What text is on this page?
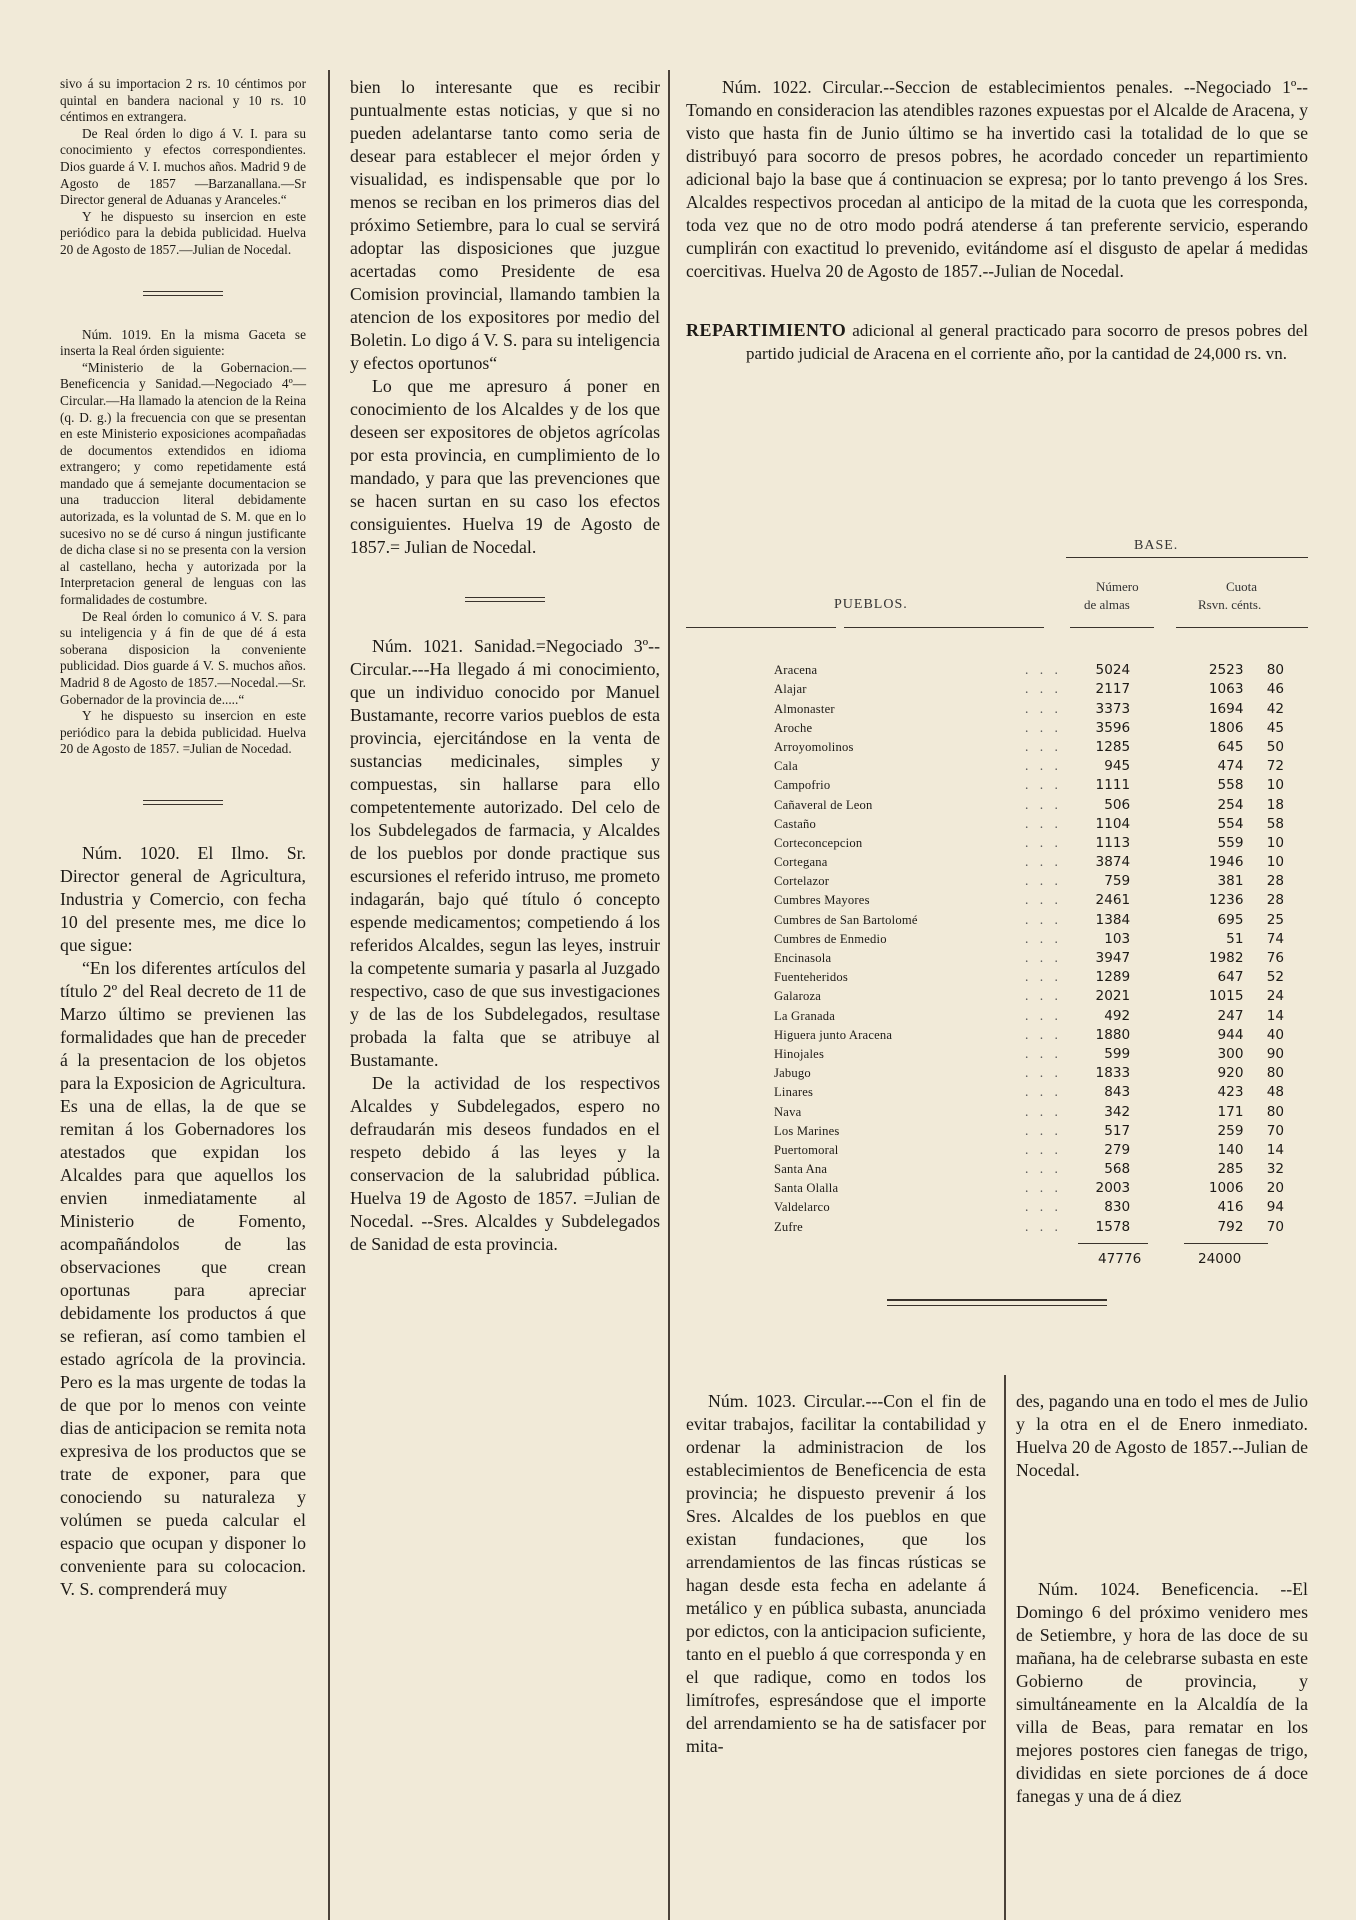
sivo á su importacion 2 rs. 10 céntimos por quintal en bandera nacional y 10 rs. 10 céntimos en extrangera.

De Real órden lo digo á V. I. para su conocimiento y efectos correspondientes. Dios guarde á V. I. muchos años. Madrid 9 de Agosto de 1857 —Barzanallana.—Sr Director general de Aduanas y Aranceles.“

Y he dispuesto su insercion en este periódico para la debida publicidad. Huelva 20 de Agosto de 1857.—Julian de Nocedal.

Núm. 1019. En la misma Gaceta se inserta la Real órden siguiente:

“Ministerio de la Gobernacion.—Beneficencia y Sanidad.—Negociado 4º—Circular.—Ha llamado la atencion de la Reina (q. D. g.) la frecuencia con que se presentan en este Ministerio exposiciones acompañadas de documentos extendidos en idioma extrangero; y como repetidamente está mandado que á semejante documentacion se una traduccion literal debidamente autorizada, es la voluntad de S. M. que en lo sucesivo no se dé curso á ningun justificante de dicha clase si no se presenta con la version al castellano, hecha y autorizada por la Interpretacion general de lenguas con las formalidades de costumbre.

De Real órden lo comunico á V. S. para su inteligencia y á fin de que dé á esta soberana disposicion la conveniente publicidad. Dios guarde á V. S. muchos años. Madrid 8 de Agosto de 1857.—Nocedal.—Sr. Gobernador de la provincia de.....“

Y he dispuesto su insercion en este periódico para la debida publicidad. Huelva 20 de Agosto de 1857. =Julian de Nocedad.

Núm. 1020. El Ilmo. Sr. Director general de Agricultura, Industria y Comercio, con fecha 10 del presente mes, me dice lo que sigue:

“En los diferentes artículos del título 2º del Real decreto de 11 de Marzo último se previenen las formalidades que han de preceder á la presentacion de los objetos para la Exposicion de Agricultura. Es una de ellas, la de que se remitan á los Gobernadores los atestados que expidan los Alcaldes para que aquellos los envien inmediatamente al Ministerio de Fomento, acompañándolos de las observaciones que crean oportunas para apreciar debidamente los productos á que se refieran, así como tambien el estado agrícola de la provincia. Pero es la mas urgente de todas la de que por lo menos con veinte dias de anticipacion se remita nota expresiva de los productos que se trate de exponer, para que conociendo su naturaleza y volúmen se pueda calcular el espacio que ocupan y disponer lo conveniente para su colocacion. V. S. comprenderá muy

bien lo interesante que es recibir puntualmente estas noticias, y que si no pueden adelantarse tanto como seria de desear para establecer el mejor órden y visualidad, es indispensable que por lo menos se reciban en los primeros dias del próximo Setiembre, para lo cual se servirá adoptar las disposiciones que juzgue acertadas como Presidente de esa Comision provincial, llamando tambien la atencion de los expositores por medio del Boletin. Lo digo á V. S. para su inteligencia y efectos oportunos“

Lo que me apresuro á poner en conocimiento de los Alcaldes y de los que deseen ser expositores de objetos agrícolas por esta provincia, en cumplimiento de lo mandado, y para que las prevenciones que se hacen surtan en su caso los efectos consiguientes. Huelva 19 de Agosto de 1857.= Julian de Nocedal.

Núm. 1021. Sanidad.=Negociado 3º--Circular.---Ha llegado á mi conocimiento, que un individuo conocido por Manuel Bustamante, recorre varios pueblos de esta provincia, ejercitándose en la venta de sustancias medicinales, simples y compuestas, sin hallarse para ello competentemente autorizado. Del celo de los Subdelegados de farmacia, y Alcaldes de los pueblos por donde practique sus escursiones el referido intruso, me prometo indagarán, bajo qué título ó concepto espende medicamentos; competiendo á los referidos Alcaldes, segun las leyes, instruir la competente sumaria y pasarla al Juzgado respectivo, caso de que sus investigaciones y de las de los Subdelegados, resultase probada la falta que se atribuye al Bustamante.

De la actividad de los respectivos Alcaldes y Subdelegados, espero no defraudarán mis deseos fundados en el respeto debido á las leyes y la conservacion de la salubridad pública. Huelva 19 de Agosto de 1857. =Julian de Nocedal. --Sres. Alcaldes y Subdelegados de Sanidad de esta provincia.

Núm. 1022. Circular.--Seccion de establecimientos penales. --Negociado 1º--Tomando en consideracion las atendibles razones expuestas por el Alcalde de Aracena, y visto que hasta fin de Junio último se ha invertido casi la totalidad de lo que se distribuyó para socorro de presos pobres, he acordado conceder un repartimiento adicional bajo la base que á continuacion se expresa; por lo tanto prevengo á los Sres. Alcaldes respectivos procedan al anticipo de la mitad de la cuota que les corresponda, toda vez que no de otro modo podrá atenderse á tan preferente servicio, esperando cumplirán con exactitud lo prevenido, evitándome así el disgusto de apelar á medidas coercitivas. Huelva 20 de Agosto de 1857.--Julian de Nocedal.

REPARTIMIENTO adicional al general practicado para socorro de presos pobres del partido judicial de Aracena en el corriente año, por la cantidad de 24,000 rs. vn.

BASE.
PUEBLOS.
Número
de almas
Cuota
Rsvn. cénts.
Aracena	. . .	5024	2523	80
Alajar	. . .	2117	1063	46
Almonaster	. . .	3373	1694	42
Aroche	. . .	3596	1806	45
Arroyomolinos	. . .	1285	645	50
Cala	. . .	945	474	72
Campofrio	. . .	1111	558	10
Cañaveral de Leon	. . .	506	254	18
Castaño	. . .	1104	554	58
Corteconcepcion	. . .	1113	559	10
Cortegana	. . .	3874	1946	10
Cortelazor	. . .	759	381	28
Cumbres Mayores	. . .	2461	1236	28
Cumbres de San Bartolomé	. . .	1384	695	25
Cumbres de Enmedio	. . .	103	51	74
Encinasola	. . .	3947	1982	76
Fuenteheridos	. . .	1289	647	52
Galaroza	. . .	2021	1015	24
La Granada	. . .	492	247	14
Higuera junto Aracena	. . .	1880	944	40
Hinojales	. . .	599	300	90
Jabugo	. . .	1833	920	80
Linares	. . .	843	423	48
Nava	. . .	342	171	80
Los Marines	. . .	517	259	70
Puertomoral	. . .	279	140	14
Santa Ana	. . .	568	285	32
Santa Olalla	. . .	2003	1006	20
Valdelarco	. . .	830	416	94
Zufre	. . .	1578	792	70
47776	24000

Núm. 1023. Circular.---Con el fin de evitar trabajos, facilitar la contabilidad y ordenar la administracion de los establecimientos de Beneficencia de esta provincia; he dispuesto prevenir á los Sres. Alcaldes de los pueblos en que existan fundaciones, que los arrendamientos de las fincas rústicas se hagan desde esta fecha en adelante á metálico y en pública subasta, anunciada por edictos, con la anticipacion suficiente, tanto en el pueblo á que corresponda y en el que radique, como en todos los limítrofes, espresándose que el importe del arrendamiento se ha de satisfacer por mita-

des, pagando una en todo el mes de Julio y la otra en el de Enero inmediato. Huelva 20 de Agosto de 1857.--Julian de Nocedal.

Núm. 1024. Beneficencia. --El Domingo 6 del próximo venidero mes de Setiembre, y hora de las doce de su mañana, ha de celebrarse subasta en este Gobierno de provincia, y simultáneamente en la Alcaldía de la villa de Beas, para rematar en los mejores postores cien fanegas de trigo, divididas en siete porciones de á doce fanegas y una de á diez
